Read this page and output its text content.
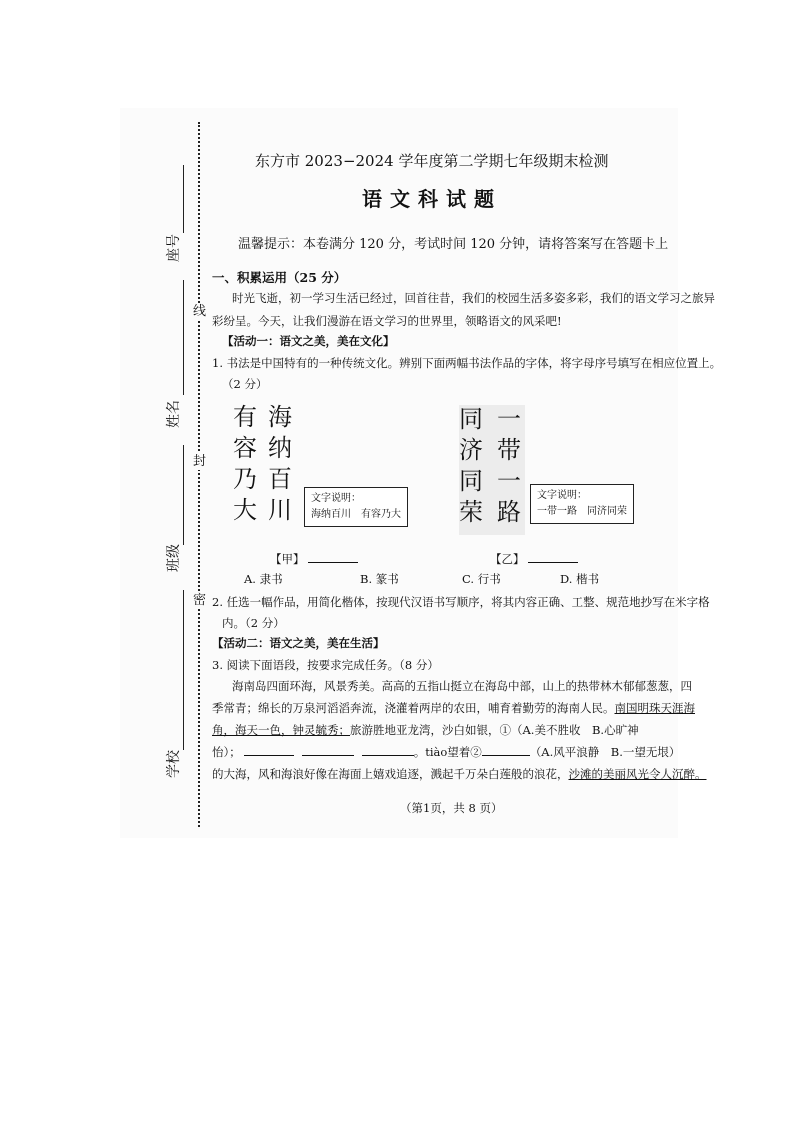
线
封
密
座号
姓名
班级
学校
东方市 2023−2024 学年度第二学期七年级期末检测
语文科试题
温馨提示：本卷满分 120 分，考试时间 120 分钟，请将答案写在答题卡上
一、积累运用（25 分）
时光飞逝，初一学习生活已经过，回首往昔，我们的校园生活多姿多彩，我们的语文学习之旅异
彩纷呈。今天，让我们漫游在语文学习的世界里，领略语文的风采吧!
【活动一：语文之美，美在文化】
1. 书法是中国特有的一种传统文化。辨别下面两幅书法作品的字体，将字母序号填写在相应位置上。
（2 分）
有
容
乃
大
海
纳
百
川 文字说明：
海纳百川　有容乃大
同
济
同
荣
一
带
一
路
文字说明：
一带一路　同济同荣
【甲】	【乙】
A. 隶书	B. 篆书	C. 行书	D. 楷书
2. 任选一幅作品，用简化楷体，按现代汉语书写顺序，将其内容正确、工整、规范地抄写在米字格
内。（2 分）
【活动二：语文之美，美在生活】
3. 阅读下面语段，按要求完成任务。（8 分）
海南岛四面环海，风景秀美。高高的五指山挺立在海岛中部，山上的热带林木郁郁葱葱，四
季常青；绵长的万泉河滔滔奔流，浇灌着两岸的农田，哺育着勤劳的海南人民。南国明珠天涯海
角，海天一色，钟灵毓秀；旅游胜地亚龙湾，沙白如银，①（A.美不胜收　B.心旷神
怡）；	。tiào望着②	（A.风平浪静　B.一望无垠）
的大海，风和海浪好像在海面上嬉戏追逐，溅起千万朵白莲般的浪花，沙滩的美丽风光令人沉醉。
（第1页，共 8 页）
